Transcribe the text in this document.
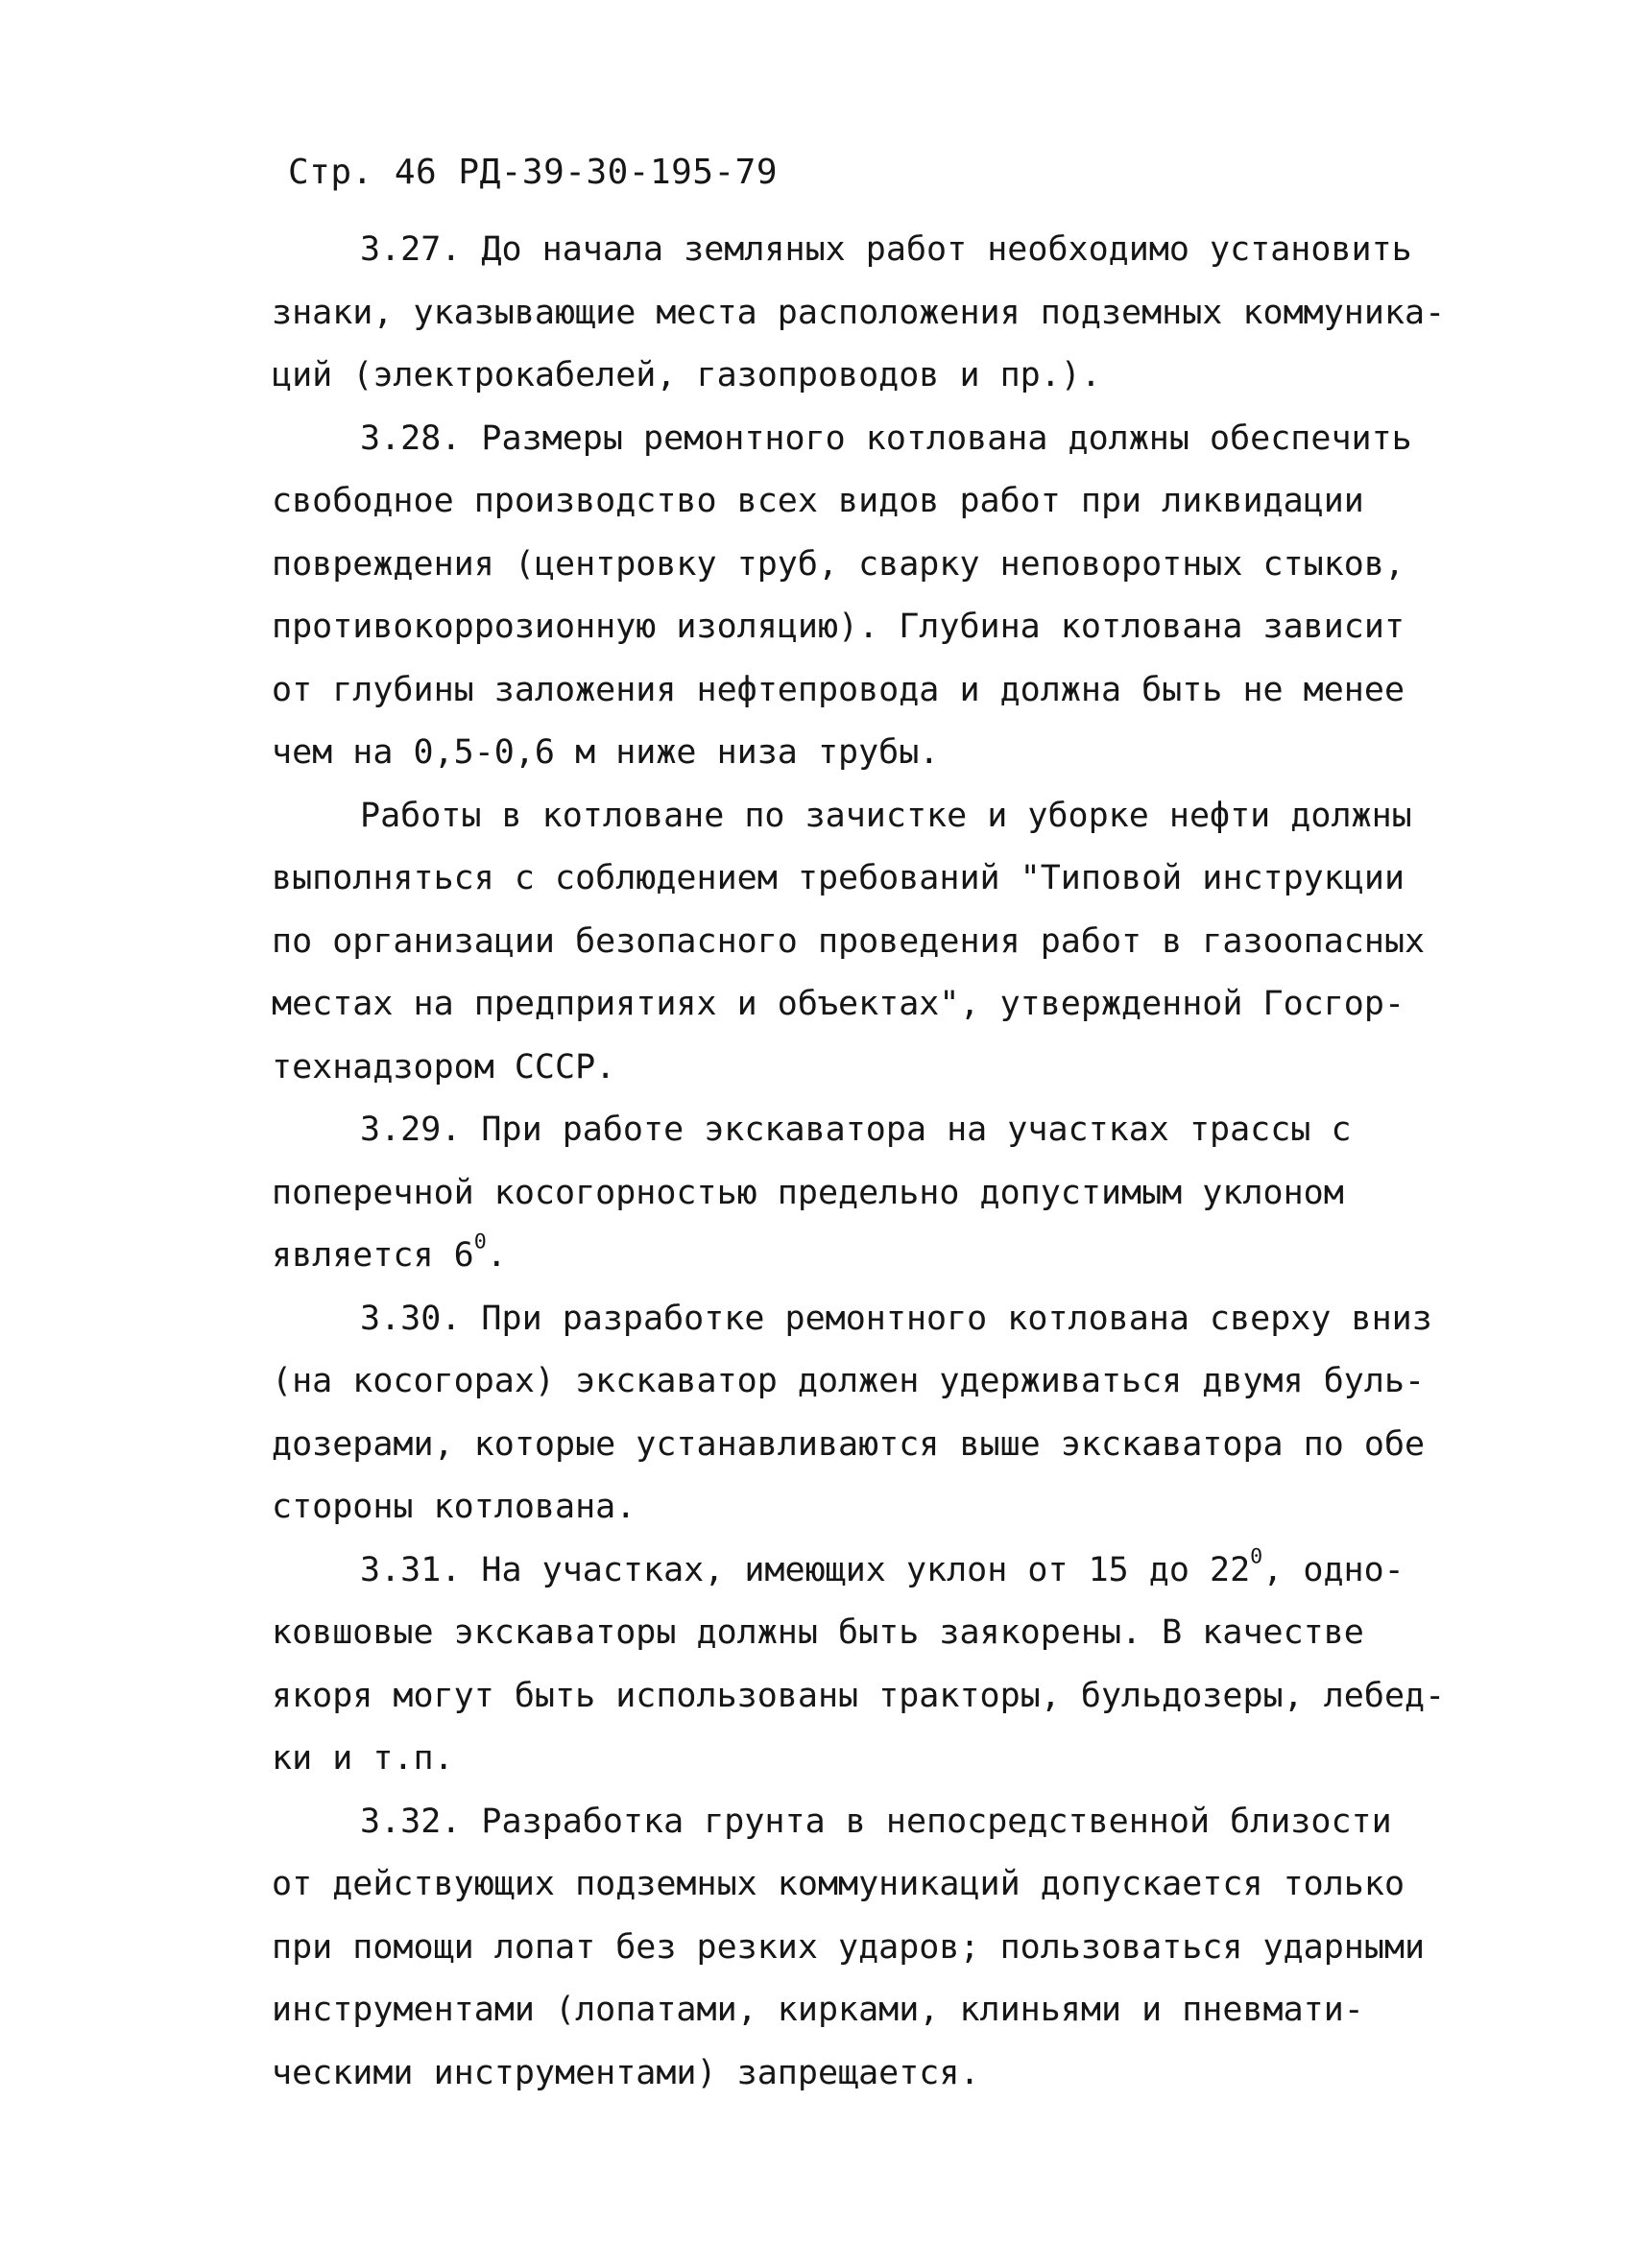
Стр. 46 РД-39-30-195-79
3.27. До начала земляных работ необходимо установить
знаки, указывающие места расположения подземных коммуника-
ций (электрокабелей, газопроводов и пр.).
3.28. Размеры ремонтного котлована должны обеспечить
свободное производство всех видов работ при ликвидации
повреждения (центровку труб, сварку неповоротных стыков,
противокоррозионную изоляцию). Глубина котлована зависит
от глубины заложения нефтепровода и должна быть не менее
чем на 0,5-0,6 м ниже низа трубы.
Работы в котловане по зачистке и уборке нефти должны
выполняться с соблюдением требований "Типовой инструкции
по организации безопасного проведения работ в газоопасных
местах на предприятиях и объектах", утвержденной Госгор-
технадзором СССР.
3.29. При работе экскаватора на участках трассы с
поперечной косогорностью предельно допустимым уклоном
является $6^0$.
3.30. При разработке ремонтного котлована сверху вниз
(на косогорах) экскаватор должен удерживаться двумя буль-
дозерами, которые устанавливаются выше экскаватора по обе
стороны котлована.
3.31. На участках, имеющих уклон от 15 до $22^0$, одно-
ковшовые экскаваторы должны быть заякорены. В качестве
якоря могут быть использованы тракторы, бульдозеры, лебед-
ки и т.п.
3.32. Разработка грунта в непосредственной близости
от действующих подземных коммуникаций допускается только
при помощи лопат без резких ударов; пользоваться ударными
инструментами (лопатами, кирками, клиньями и пневмати-
ческими инструментами) запрещается.
